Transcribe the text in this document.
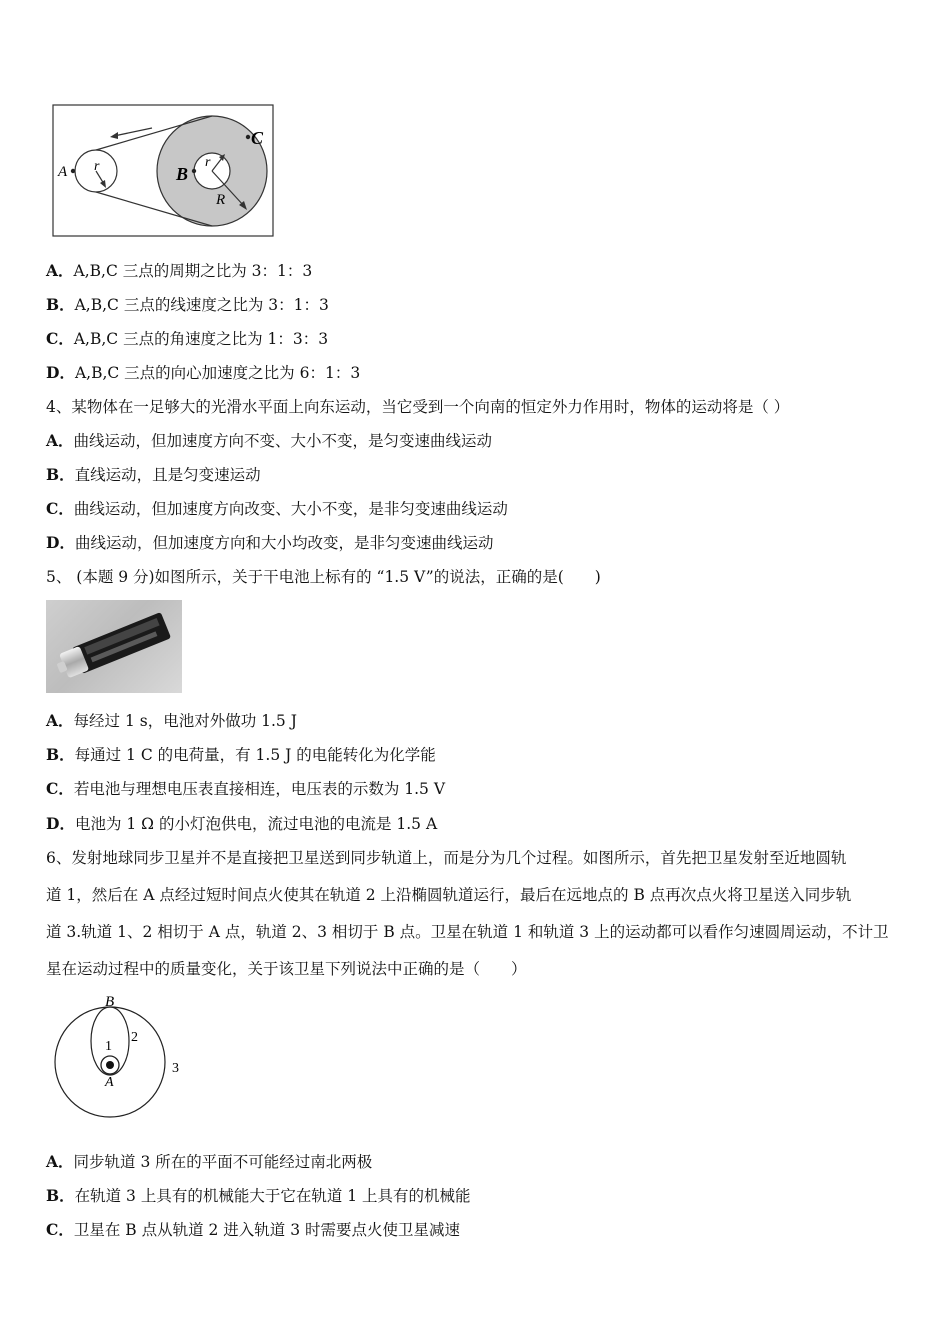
A r	B
r
R
C
A．A,B,C 三点的周期之比为 3：1：3
B．A,B,C 三点的线速度之比为 3：1：3
C．A,B,C 三点的角速度之比为 1：3：3
D．A,B,C 三点的向心加速度之比为 6：1：3
4、某物体在一足够大的光滑水平面上向东运动，当它受到一个向南的恒定外力作用时，物体的运动将是（ ）
A．曲线运动，但加速度方向不变、大小不变，是匀变速曲线运动
B．直线运动，且是匀变速运动
C．曲线运动，但加速度方向改变、大小不变，是非匀变速曲线运动
D．曲线运动，但加速度方向和大小均改变，是非匀变速曲线运动
5、 (本题 9 分)如图所示，关于干电池上标有的 “1.5 V”的说法，正确的是(　　)
A．每经过 1 s，电池对外做功 1.5 J
B．每通过 1 C 的电荷量，有 1.5 J 的电能转化为化学能
C．若电池与理想电压表直接相连，电压表的示数为 1.5 V
D．电池为 1 Ω 的小灯泡供电，流过电池的电流是 1.5 A
6、发射地球同步卫星并不是直接把卫星送到同步轨道上，而是分为几个过程。如图所示，首先把卫星发射至近地圆轨
道 1，然后在 A 点经过短时间点火使其在轨道 2 上沿椭圆轨道运行，最后在远地点的 B 点再次点火将卫星送入同步轨
道 3.轨道 1、2 相切于 A 点，轨道 2、3 相切于 B 点。卫星在轨道 1 和轨道 3 上的运动都可以看作匀速圆周运动，不计卫
星在运动过程中的质量变化，关于该卫星下列说法中正确的是（　　）
B
1
2
3
A
A．同步轨道 3 所在的平面不可能经过南北两极
B．在轨道 3 上具有的机械能大于它在轨道 1 上具有的机械能
C．卫星在 B 点从轨道 2 进入轨道 3 时需要点火使卫星减速
